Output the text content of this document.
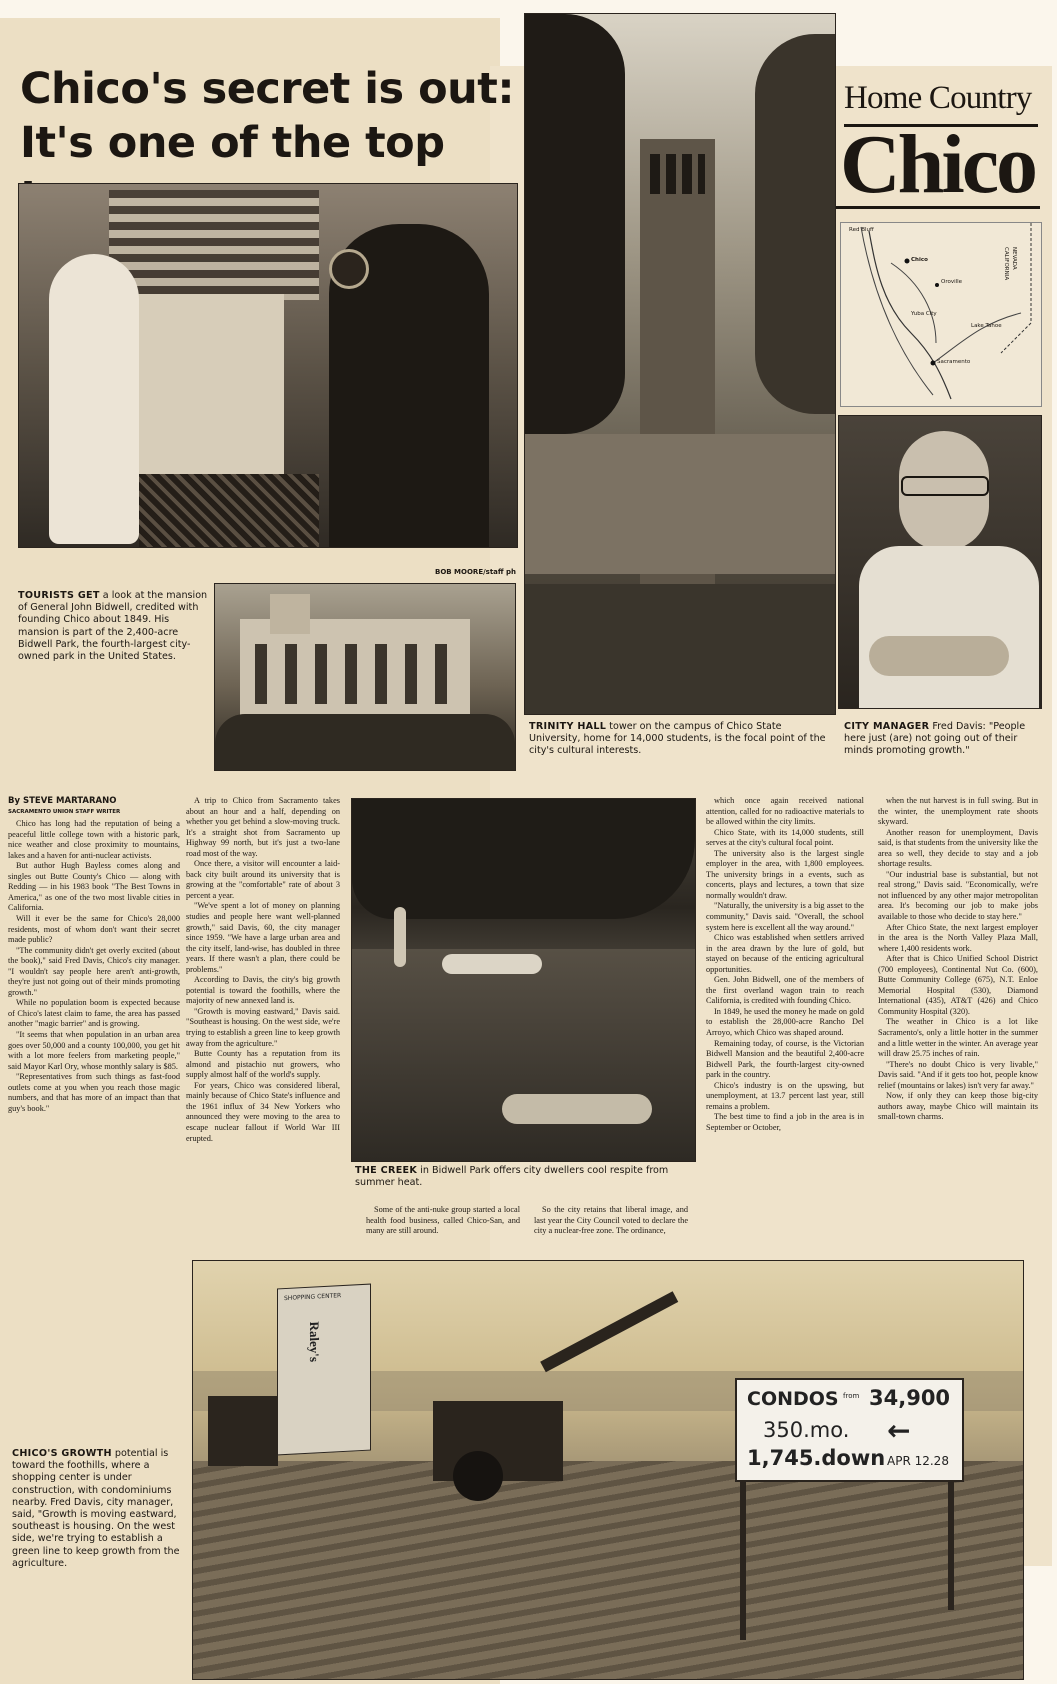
Chico's secret is out:
It's one of the top
BOB MOORE/staff ph

TOURISTS GET a look at the mansion of General John Bidwell, credited with founding Chico about 1849. His mansion is part of the 2,400-acre Bidwell Park, the fourth-largest city-owned park in the United States.

Home Country
Chico
Red Bluff
Chico
Oroville
Yuba City
Lake Tahoe
Sacramento
NEVADA
CALIFORNIA

TRINITY HALL tower on the campus of Chico State University, home for 14,000 students, is the focal point of the city's cultural interests.

CITY MANAGER Fred Davis: "People here just (are) not going out of their minds promoting growth."

By STEVE MARTARANO

SACRAMENTO UNION STAFF WRITER

Chico has long had the reputation of being a peaceful little college town with a historic park, nice weather and close proximity to mountains, lakes and a haven for anti-nuclear activists.

But author Hugh Bayless comes along and singles out Butte County's Chico — along with Redding — in his 1983 book "The Best Towns in America," as one of the two most livable cities in California.

Will it ever be the same for Chico's 28,000 residents, most of whom don't want their secret made public?

"The community didn't get overly excited (about the book)," said Fred Davis, Chico's city manager. "I wouldn't say people here aren't anti-growth, they're just not going out of their minds promoting growth."

While no population boom is expected because of Chico's latest claim to fame, the area has passed another "magic barrier" and is growing.

"It seems that when population in an urban area goes over 50,000 and a county 100,000, you get hit with a lot more feelers from marketing people," said Mayor Karl Ory, whose monthly salary is $85.

"Representatives from such things as fast-food outlets come at you when you reach those magic numbers, and that has more of an impact than that guy's book."

A trip to Chico from Sacramento takes about an hour and a half, depending on whether you get behind a slow-moving truck. It's a straight shot from Sacramento up Highway 99 north, but it's just a two-lane road most of the way.

Once there, a visitor will encounter a laid-back city built around its university that is growing at the "comfortable" rate of about 3 percent a year.

"We've spent a lot of money on planning studies and people here want well-planned growth," said Davis, 60, the city manager since 1959. "We have a large urban area and the city itself, land-wise, has doubled in three years. If there wasn't a plan, there could be problems."

According to Davis, the city's big growth potential is toward the foothills, where the majority of new annexed land is.

"Growth is moving eastward," Davis said. "Southeast is housing. On the west side, we're trying to establish a green line to keep growth away from the agriculture."

Butte County has a reputation from its almond and pistachio nut growers, who supply almost half of the world's supply.

For years, Chico was considered liberal, mainly because of Chico State's influence and the 1961 influx of 34 New Yorkers who announced they were moving to the area to escape nuclear fallout if World War III erupted.

THE CREEK in Bidwell Park offers city dwellers cool respite from summer heat.

Some of the anti-nuke group started a local health food business, called Chico-San, and many are still around.

So the city retains that liberal image, and last year the City Council voted to declare the city a nuclear-free zone. The ordinance,

which once again received national attention, called for no radioactive materials to be allowed within the city limits.

Chico State, with its 14,000 students, still serves at the city's cultural focal point.

The university also is the largest single employer in the area, with 1,800 employees. The university brings in a events, such as concerts, plays and lectures, a town that size normally wouldn't draw.

"Naturally, the university is a big asset to the community," Davis said. "Overall, the school system here is excellent all the way around."

Chico was established when settlers arrived in the area drawn by the lure of gold, but stayed on because of the enticing agricultural opportunities.

Gen. John Bidwell, one of the members of the first overland wagon train to reach California, is credited with founding Chico.

In 1849, he used the money he made on gold to establish the 28,000-acre Rancho Del Arroyo, which Chico was shaped around.

Remaining today, of course, is the Victorian Bidwell Mansion and the beautiful 2,400-acre Bidwell Park, the fourth-largest city-owned park in the country.

Chico's industry is on the upswing, but unemployment, at 13.7 percent last year, still remains a problem.

The best time to find a job in the area is in September or October,

when the nut harvest is in full swing. But in the winter, the unemployment rate shoots skyward.

Another reason for unemployment, Davis said, is that students from the university like the area so well, they decide to stay and a job shortage results.

"Our industrial base is substantial, but not real strong," Davis said. "Economically, we're not influenced by any other major metropolitan area. It's becoming our job to make jobs available to those who decide to stay here."

After Chico State, the next largest employer in the area is the North Valley Plaza Mall, where 1,400 residents work.

After that is Chico Unified School District (700 employees), Continental Nut Co. (600), Butte Community College (675), N.T. Enloe Memorial Hospital (530), Diamond International (435), AT&T (426) and Chico Community Hospital (320).

The weather in Chico is a lot like Sacramento's, only a little hotter in the summer and a little wetter in the winter. An average year will draw 25.75 inches of rain.

"There's no doubt Chico is very livable," Davis said. "And if it gets too hot, people know relief (mountains or lakes) isn't very far away."

Now, if only they can keep those big-city authors away, maybe Chico will maintain its small-town charms.

Raley's
SHOPPING CENTER
CONDOS from 34,900
350.mo. ←
1,745.down APR 12.28

CHICO'S GROWTH potential is toward the foothills, where a shopping center is under construction, with condominiums nearby. Fred Davis, city manager, said, "Growth is moving eastward, southeast is housing. On the west side, we're trying to establish a green line to keep growth from the agriculture.
